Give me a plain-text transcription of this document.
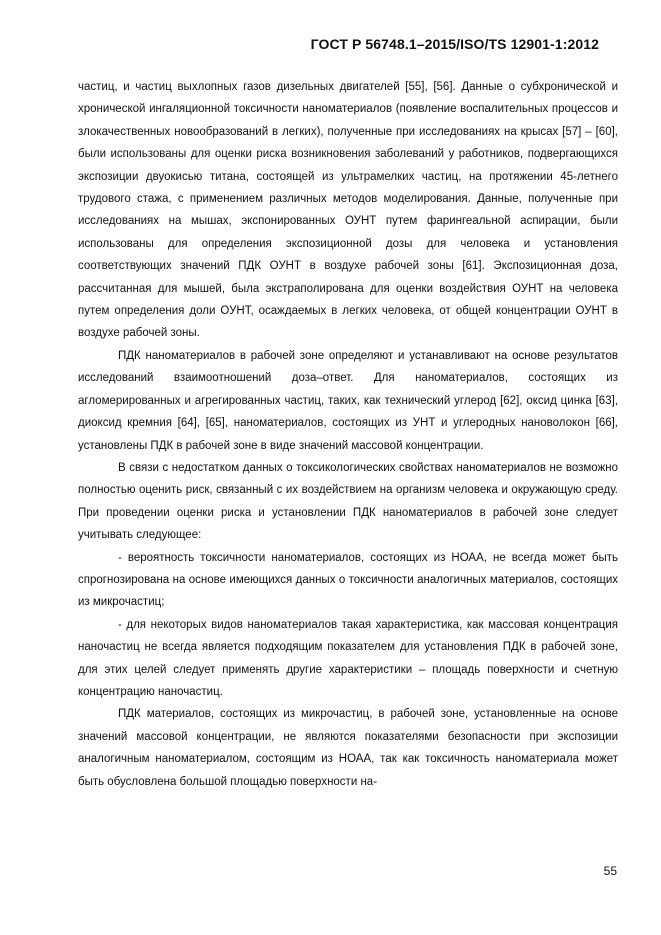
ГОСТ Р 56748.1–2015/ISO/TS 12901-1:2012

частиц, и частиц выхлопных газов дизельных двигателей [55], [56]. Данные о субхронической и хронической ингаляционной токсичности наноматериалов (появление воспалительных процессов и злокачественных новообразований в легких), полученные при исследованиях на крысах [57] – [60], были использованы для оценки риска возникновения заболеваний у работников, подвергающихся экспозиции двуокисью титана, состоящей из ультрамелких частиц, на протяжении 45-летнего трудового стажа, с применением различных методов моделирования. Данные, полученные при исследованиях на мышах, экспонированных ОУНТ путем фарингеальной аспирации, были использованы для определения экспозиционной дозы для человека и установления соответствующих значений ПДК ОУНТ в воздухе рабочей зоны [61]. Экспозиционная доза, рассчитанная для мышей, была экстраполирована для оценки воздействия ОУНТ на человека путем определения доли ОУНТ, осаждаемых в легких человека, от общей концентрации ОУНТ в воздухе рабочей зоны.

ПДК наноматериалов в рабочей зоне определяют и устанавливают на основе результатов исследований взаимоотношений доза–ответ. Для наноматериалов, состоящих из агломерированных и агрегированных частиц, таких, как технический углерод [62], оксид цинка [63], диоксид кремния [64], [65], наноматериалов, состоящих из УНТ и углеродных нановолокон [66], установлены ПДК в рабочей зоне в виде значений массовой концентрации.

В связи с недостатком данных о токсикологических свойствах наноматериалов не возможно полностью оценить риск, связанный с их воздействием на организм человека и окружающую среду. При проведении оценки риска и установлении ПДК наноматериалов в рабочей зоне следует учитывать следующее:

- вероятность токсичности наноматериалов, состоящих из НОАА, не всегда может быть спрогнозирована на основе имеющихся данных о токсичности аналогичных материалов, состоящих из микрочастиц;

- для некоторых видов наноматериалов такая характеристика, как массовая концентрация наночастиц не всегда является подходящим показателем для установления ПДК в рабочей зоне, для этих целей следует применять другие характеристики – площадь поверхности и счетную концентрацию наночастиц.

ПДК материалов, состоящих из микрочастиц, в рабочей зоне, установленные на основе значений массовой концентрации, не являются показателями безопасности при экспозиции аналогичным наноматериалом, состоящим из НОАА, так как токсичность наноматериала может быть обусловлена большой площадью поверхности на-

55
